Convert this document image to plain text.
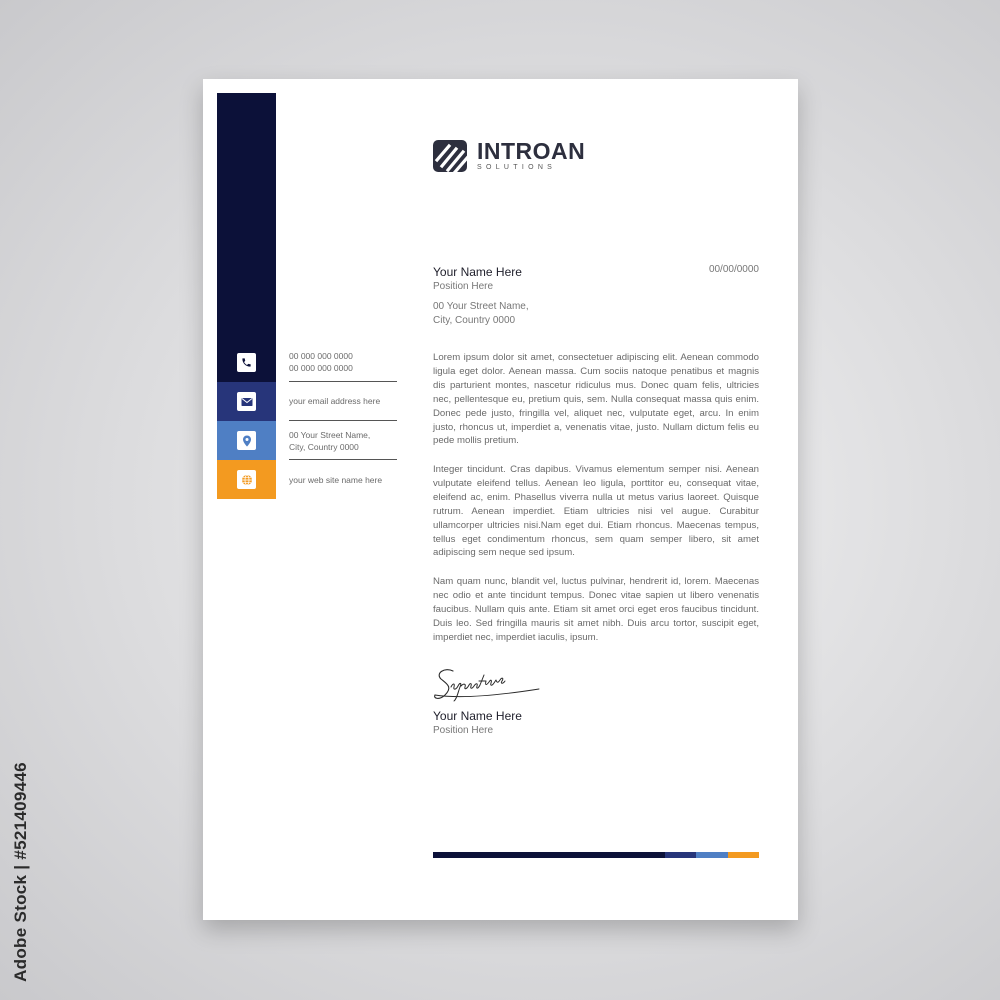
Adobe Stock | #521409446
00 000 000 0000
00 000 000 0000
your email address here
00 Your Street Name,
City, Country 0000
your web site name here
INTROAN
SOLUTIONS
Your Name Here
Position Here
00 Your Street Name,
City, Country 0000
00/00/0000

Lorem ipsum dolor sit amet, consectetuer adipiscing elit. Aenean commodo ligula eget dolor. Aenean massa. Cum sociis natoque penatibus et magnis dis parturient montes, nascetur ridiculus mus. Donec quam felis, ultricies nec, pellentesque eu, pretium quis, sem. Nulla consequat massa quis enim. Donec pede justo, fringilla vel, aliquet nec, vulputate eget, arcu. In enim justo, rhoncus ut, imperdiet a, venenatis vitae, justo. Nullam dictum felis eu pede mollis pretium.

Integer tincidunt. Cras dapibus. Vivamus elementum semper nisi. Aenean vulputate eleifend tellus. Aenean leo ligula, porttitor eu, consequat vitae, eleifend ac, enim. Phasellus viverra nulla ut metus varius laoreet. Quisque rutrum. Aenean imperdiet. Etiam ultricies nisi vel augue. Curabitur ullamcorper ultricies nisi.Nam eget dui. Etiam rhoncus. Maecenas tempus, tellus eget condimentum rhoncus, sem quam semper libero, sit amet adipiscing sem neque sed ipsum.

Nam quam nunc, blandit vel, luctus pulvinar, hendrerit id, lorem. Maecenas nec odio et ante tincidunt tempus. Donec vitae sapien ut libero venenatis faucibus. Nullam quis ante. Etiam sit amet orci eget eros faucibus tincidunt. Duis leo. Sed fringilla mauris sit amet nibh. Duis arcu tortor, suscipit eget, imperdiet nec, imperdiet iaculis, ipsum.

Your Name Here
Position Here
